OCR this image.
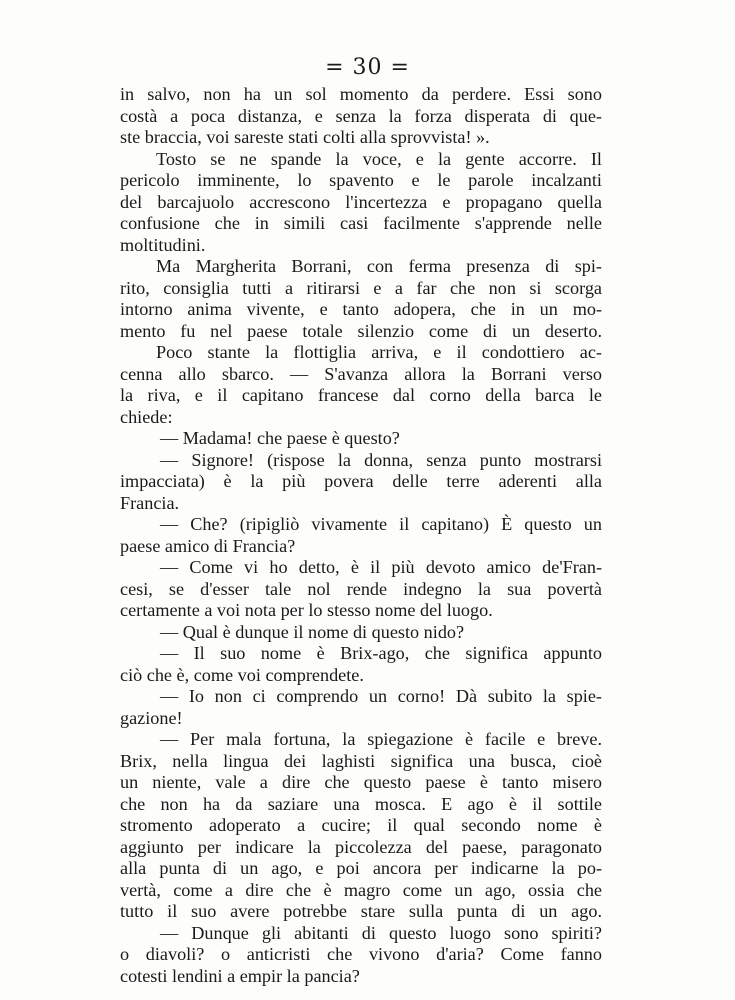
= 30 =
in salvo, non ha un sol momento da perdere. Essi sono
costà a poca distanza, e senza la forza disperata di que-
ste braccia, voi sareste stati colti alla sprovvista! ».
Tosto se ne spande la voce, e la gente accorre. Il
pericolo imminente, lo spavento e le parole incalzanti
del barcajuolo accrescono l'incertezza e propagano quella
confusione che in simili casi facilmente s'apprende nelle
moltitudini.
Ma Margherita Borrani, con ferma presenza di spi-
rito, consiglia tutti a ritirarsi e a far che non si scorga
intorno anima vivente, e tanto adopera, che in un mo-
mento fu nel paese totale silenzio come di un deserto.
Poco stante la flottiglia arriva, e il condottiero ac-
cenna allo sbarco. — S'avanza allora la Borrani verso
la riva, e il capitano francese dal corno della barca le
chiede:
— Madama! che paese è questo?
— Signore! (rispose la donna, senza punto mostrarsi
impacciata) è la più povera delle terre aderenti alla
Francia.
— Che? (ripigliò vivamente il capitano) È questo un
paese amico di Francia?
— Come vi ho detto, è il più devoto amico de'Fran-
cesi, se d'esser tale nol rende indegno la sua povertà
certamente a voi nota per lo stesso nome del luogo.
— Qual è dunque il nome di questo nido?
— Il suo nome è Brix-ago, che significa appunto
ciò che è, come voi comprendete.
— Io non ci comprendo un corno! Dà subito la spie-
gazione!
— Per mala fortuna, la spiegazione è facile e breve.
Brix, nella lingua dei laghisti significa una busca, cioè
un niente, vale a dire che questo paese è tanto misero
che non ha da saziare una mosca. E ago è il sottile
stromento adoperato a cucire; il qual secondo nome è
aggiunto per indicare la piccolezza del paese, paragonato
alla punta di un ago, e poi ancora per indicarne la po-
vertà, come a dire che è magro come un ago, ossia che
tutto il suo avere potrebbe stare sulla punta di un ago.
— Dunque gli abitanti di questo luogo sono spiriti?
o diavoli? o anticristi che vivono d'aria? Come fanno
cotesti lendini a empir la pancia?
